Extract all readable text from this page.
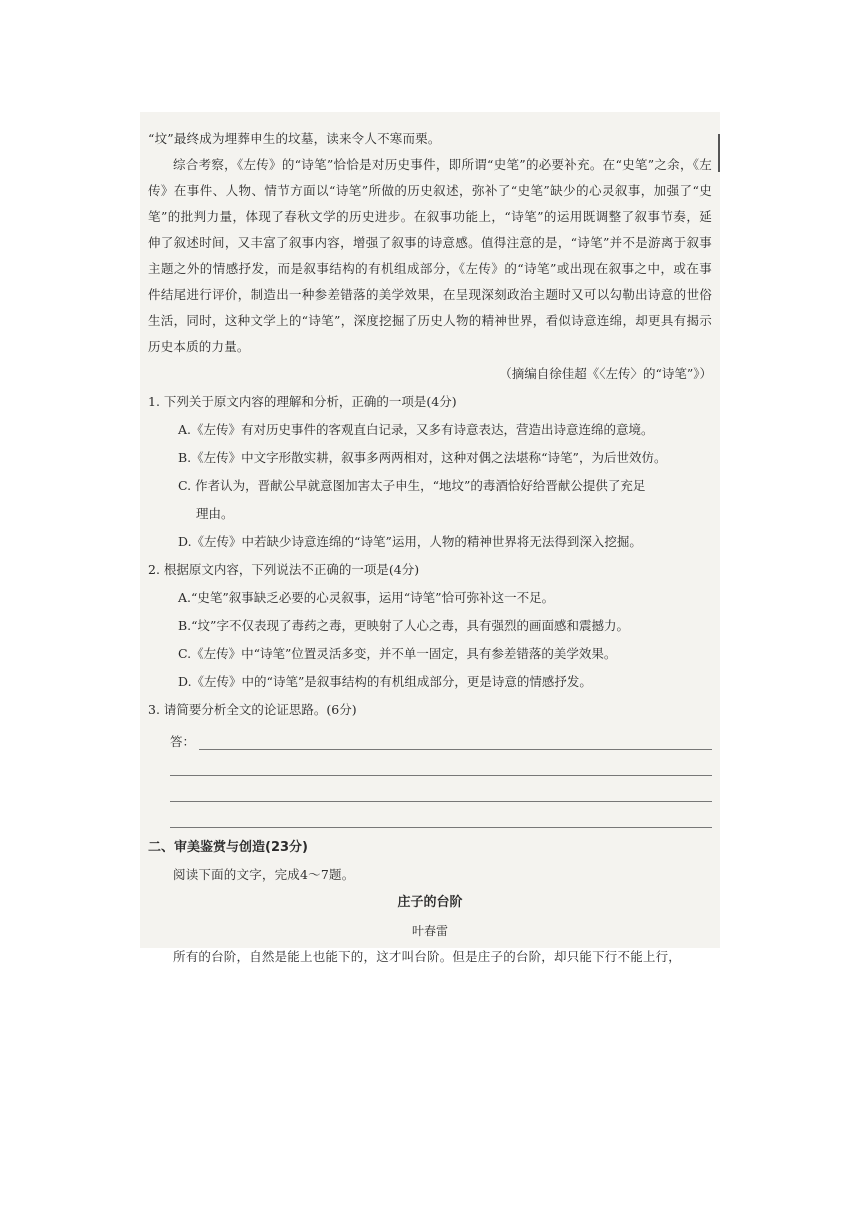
“坟”最终成为埋葬申生的坟墓，读来令人不寒而栗。

综合考察，《左传》的“诗笔”恰恰是对历史事件，即所谓“史笔”的必要补充。在“史笔”之余，《左传》在事件、人物、情节方面以“诗笔”所做的历史叙述，弥补了“史笔”缺少的心灵叙事，加强了“史笔”的批判力量，体现了春秋文学的历史进步。在叙事功能上，“诗笔”的运用既调整了叙事节奏，延伸了叙述时间，又丰富了叙事内容，增强了叙事的诗意感。值得注意的是，“诗笔”并不是游离于叙事主题之外的情感抒发，而是叙事结构的有机组成部分，《左传》的“诗笔”或出现在叙事之中，或在事件结尾进行评价，制造出一种参差错落的美学效果，在呈现深刻政治主题时又可以勾勒出诗意的世俗生活，同时，这种文学上的“诗笔”，深度挖掘了历史人物的精神世界，看似诗意连绵，却更具有揭示历史本质的力量。

（摘编自徐佳超《〈左传〉的“诗笔”》）

1. 下列关于原文内容的理解和分析，正确的一项是(4分)

A.《左传》有对历史事件的客观直白记录，又多有诗意表达，营造出诗意连绵的意境。

B.《左传》中文字形散实耕，叙事多两两相对，这种对偶之法堪称“诗笔”，为后世效仿。

C. 作者认为，晋献公早就意图加害太子申生，“地坟”的毒酒恰好给晋献公提供了充足

理由。

D.《左传》中若缺少诗意连绵的“诗笔”运用，人物的精神世界将无法得到深入挖掘。

2. 根据原文内容，下列说法不正确的一项是(4分)

A.“史笔”叙事缺乏必要的心灵叙事，运用“诗笔”恰可弥补这一不足。

B.“坟”字不仅表现了毒药之毒，更映射了人心之毒，具有强烈的画面感和震撼力。

C.《左传》中“诗笔”位置灵活多变，并不单一固定，具有参差错落的美学效果。

D.《左传》中的“诗笔”是叙事结构的有机组成部分，更是诗意的情感抒发。

3. 请简要分析全文的论证思路。(6分)

答：

二、审美鉴赏与创造(23分)

阅读下面的文字，完成4～7题。

庄子的台阶

叶春雷

所有的台阶，自然是能上也能下的，这才叫台阶。但是庄子的台阶，却只能下行不能上行，
